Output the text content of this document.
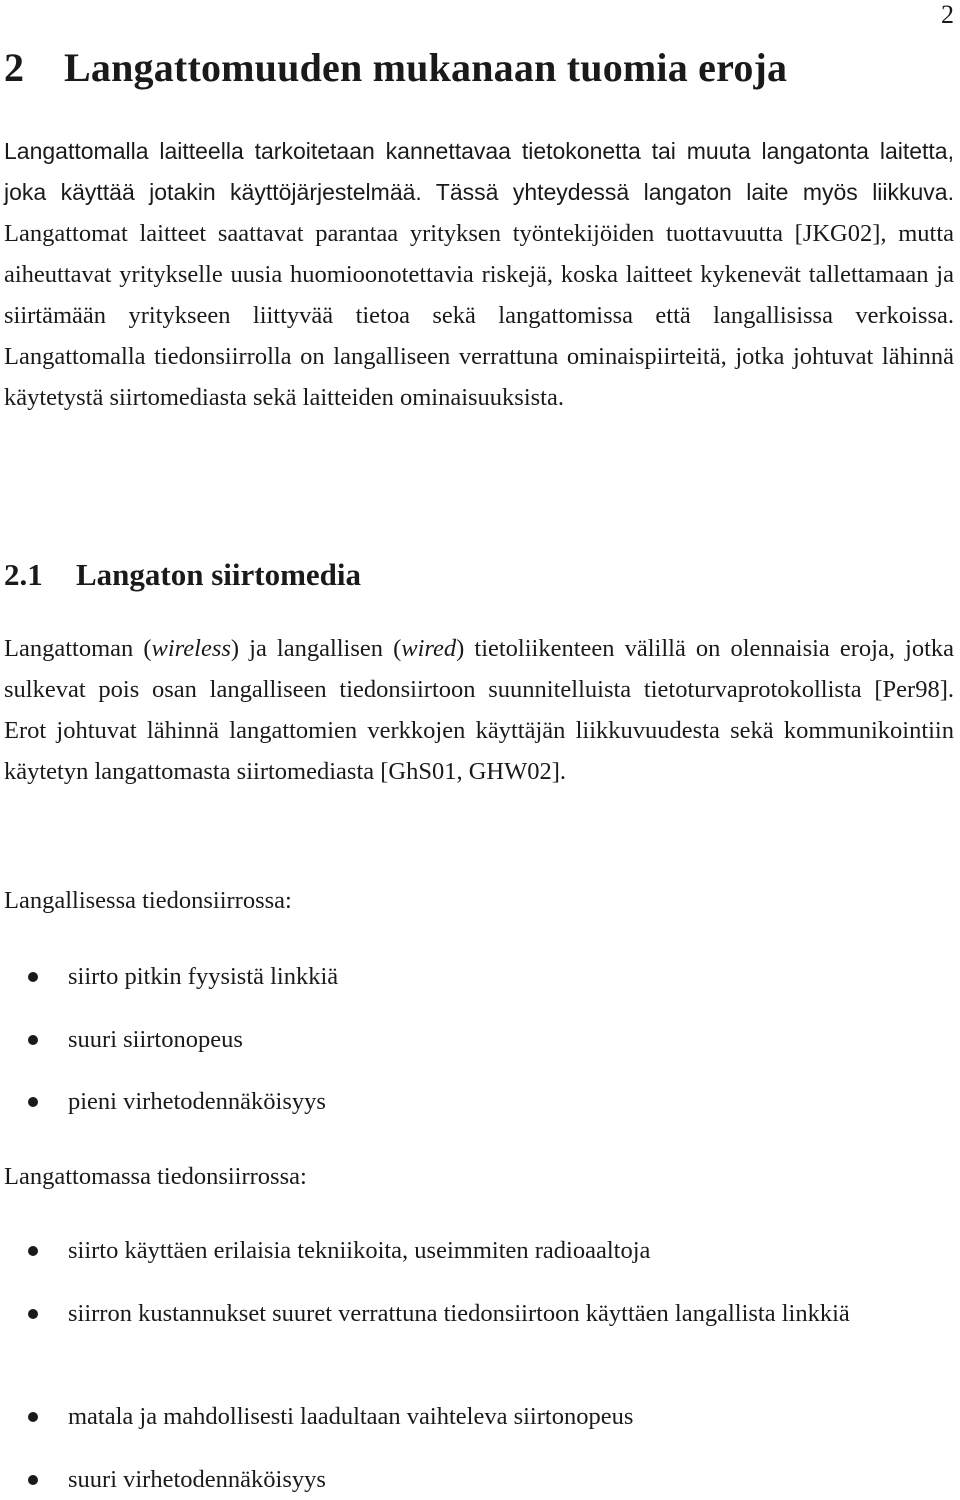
2
2 Langattomuuden mukanaan tuomia eroja

Langattomalla laitteella tarkoitetaan kannettavaa tietokonetta tai muuta langatonta laitetta, joka käyttää jotakin käyttöjärjestelmää. Tässä yhteydessä langaton laite myös liikkuva. Langattomat laitteet saattavat parantaa yrityksen työntekijöiden tuottavuutta [JKG02], mutta aiheuttavat yritykselle uusia huomioonotettavia riskejä, koska laitteet kykenevät tallettamaan ja siirtämään yritykseen liittyvää tietoa sekä langattomissa että langallisissa verkoissa. Langattomalla tiedonsiirrolla on langalliseen verrattuna ominaispiirteitä, jotka johtuvat lähinnä käytetystä siirtomediasta sekä laitteiden ominaisuuksista.

2.1 Langaton siirtomedia

Langattoman (wireless) ja langallisen (wired) tietoliikenteen välillä on olennaisia eroja, jotka sulkevat pois osan langalliseen tiedonsiirtoon suunnitelluista tietoturvaprotokollista [Per98]. Erot johtuvat lähinnä langattomien verkkojen käyttäjän liikkuvuudesta sekä kommunikointiin käytetyn langattomasta siirtomediasta [GhS01, GHW02].

Langallisessa tiedonsiirrossa:

siirto pitkin fyysistä linkkiä
suuri siirtonopeus
pieni virhetodennäköisyys

Langattomassa tiedonsiirrossa:

siirto käyttäen erilaisia tekniikoita, useimmiten radioaaltoja
siirron kustannukset suuret verrattuna tiedonsiirtoon käyttäen langallista linkkiä
matala ja mahdollisesti laadultaan vaihteleva siirtonopeus
suuri virhetodennäköisyys
